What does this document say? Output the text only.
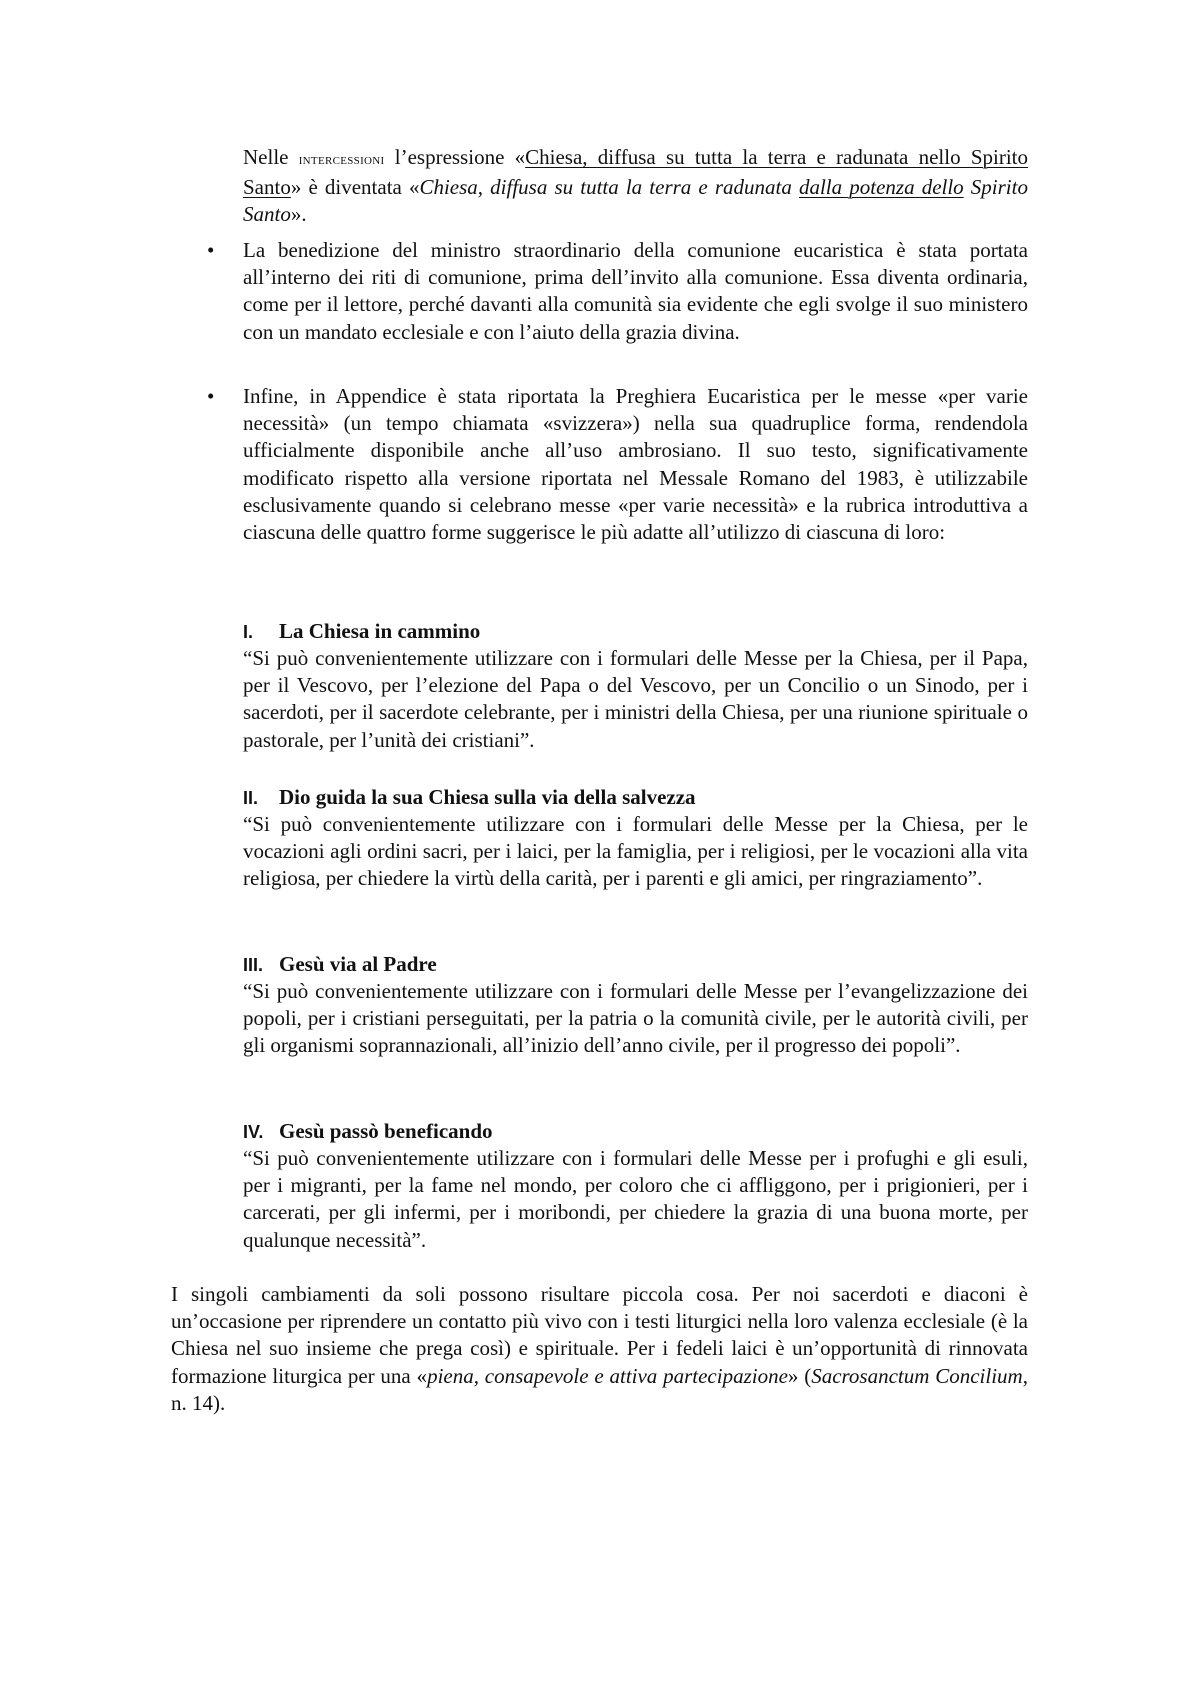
Nelle intercessioni l’espressione «Chiesa, diffusa su tutta la terra e radunata nello Spirito Santo» è diventata «Chiesa, diffusa su tutta la terra e radunata dalla potenza dello Spirito Santo».
•
La benedizione del ministro straordinario della comunione eucaristica è stata portata all’interno dei riti di comunione, prima dell’invito alla comunione. Essa diventa ordinaria, come per il lettore, perché davanti alla comunità sia evidente che egli svolge il suo ministero con un mandato ecclesiale e con l’aiuto della grazia divina.
•
Infine, in Appendice è stata riportata la Preghiera Eucaristica per le messe «per varie necessità» (un tempo chiamata «svizzera») nella sua quadruplice forma, rendendola ufficialmente disponibile anche all’uso ambrosiano. Il suo testo, significativamente modificato rispetto alla versione riportata nel Messale Romano del 1983, è utilizzabile esclusivamente quando si celebrano messe «per varie necessità» e la rubrica introduttiva a ciascuna delle quattro forme suggerisce le più adatte all’utilizzo di ciascuna di loro:
I. La Chiesa in cammino
“Si può convenientemente utilizzare con i formulari delle Messe per la Chiesa, per il Papa, per il Vescovo, per l’elezione del Papa o del Vescovo, per un Concilio o un Sinodo, per i sacerdoti, per il sacerdote celebrante, per i ministri della Chiesa, per una riunione spirituale o pastorale, per l’unità dei cristiani”.
II. Dio guida la sua Chiesa sulla via della salvezza
“Si può convenientemente utilizzare con i formulari delle Messe per la Chiesa, per le vocazioni agli ordini sacri, per i laici, per la famiglia, per i religiosi, per le vocazioni alla vita religiosa, per chiedere la virtù della carità, per i parenti e gli amici, per ringraziamento”.
III. Gesù via al Padre
“Si può convenientemente utilizzare con i formulari delle Messe per l’evangelizzazione dei popoli, per i cristiani perseguitati, per la patria o la comunità civile, per le autorità civili, per gli organismi soprannazionali, all’inizio dell’anno civile, per il progresso dei popoli”.
IV. Gesù passò beneficando
“Si può convenientemente utilizzare con i formulari delle Messe per i profughi e gli esuli, per i migranti, per la fame nel mondo, per coloro che ci affliggono, per i prigionieri, per i carcerati, per gli infermi, per i moribondi, per chiedere la grazia di una buona morte, per qualunque necessità”.
I singoli cambiamenti da soli possono risultare piccola cosa. Per noi sacerdoti e diaconi è un’occasione per riprendere un contatto più vivo con i testi liturgici nella loro valenza ecclesiale (è la Chiesa nel suo insieme che prega così) e spirituale. Per i fedeli laici è un’opportunità di rinnovata formazione liturgica per una «piena, consapevole e attiva partecipazione» (Sacrosanctum Concilium, n. 14).
